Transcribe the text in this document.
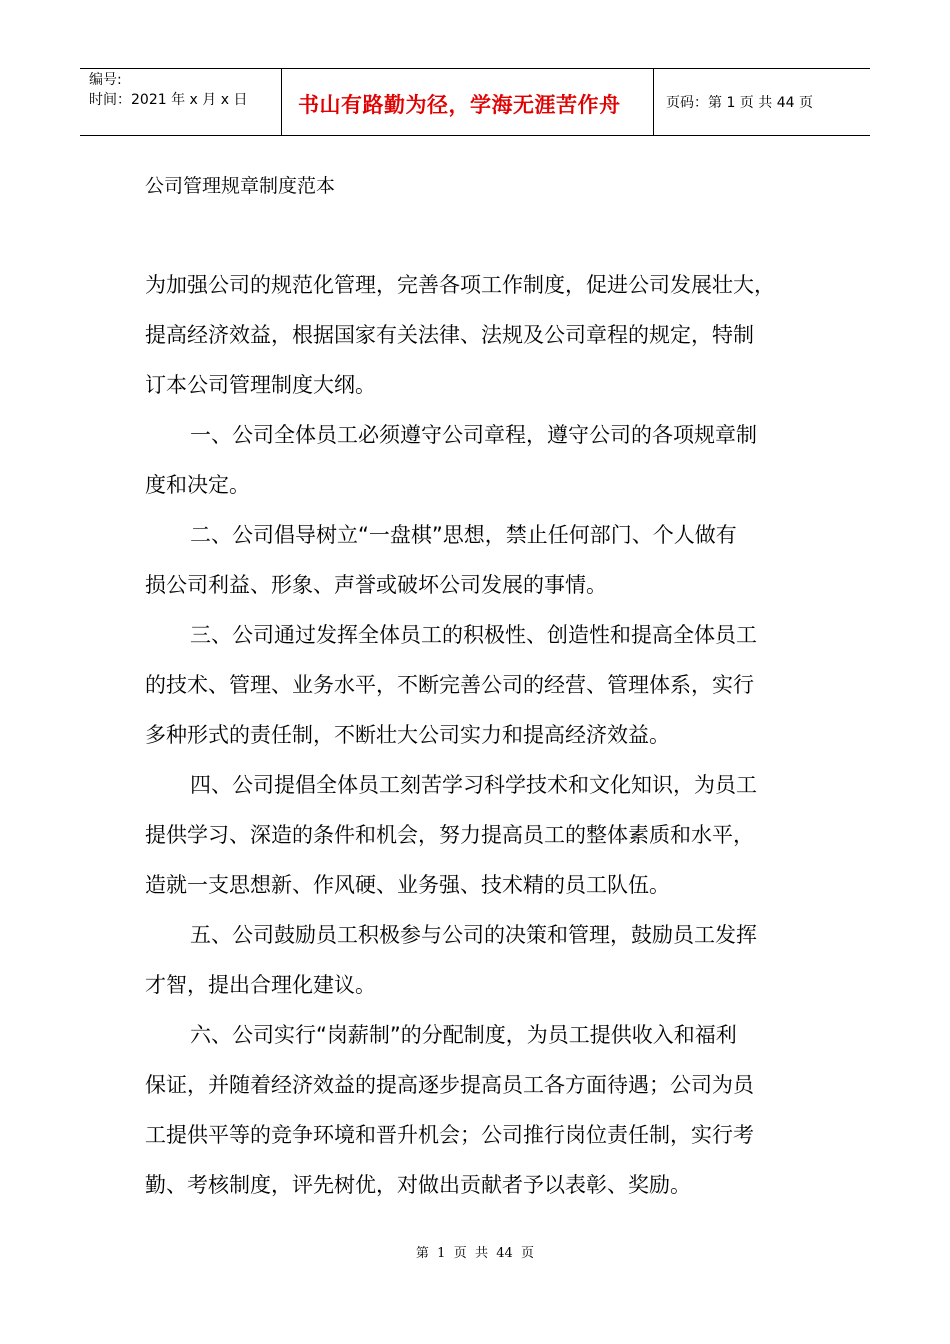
编号:
时间：2021 年 x 月 x 日 书山有路勤为径，学海无涯苦作舟	页码：第 1 页 共 44 页
公司管理规章制度范本
为加强公司的规范化管理，完善各项工作制度，促进公司发展壮大，
提高经济效益，根据国家有关法律、法规及公司章程的规定，特制
订本公司管理制度大纲。
一、公司全体员工必须遵守公司章程，遵守公司的各项规章制
度和决定。
二、公司倡导树立“一盘棋”思想，禁止任何部门、个人做有
损公司利益、形象、声誉或破坏公司发展的事情。
三、公司通过发挥全体员工的积极性、创造性和提高全体员工
的技术、管理、业务水平，不断完善公司的经营、管理体系，实行
多种形式的责任制，不断壮大公司实力和提高经济效益。
四、公司提倡全体员工刻苦学习科学技术和文化知识，为员工
提供学习、深造的条件和机会，努力提高员工的整体素质和水平，
造就一支思想新、作风硬、业务强、技术精的员工队伍。
五、公司鼓励员工积极参与公司的决策和管理，鼓励员工发挥
才智，提出合理化建议。
六、公司实行“岗薪制”的分配制度，为员工提供收入和福利
保证，并随着经济效益的提高逐步提高员工各方面待遇；公司为员
工提供平等的竞争环境和晋升机会；公司推行岗位责任制，实行考
勤、考核制度，评先树优，对做出贡献者予以表彰、奖励。
第  1  页  共  44  页
